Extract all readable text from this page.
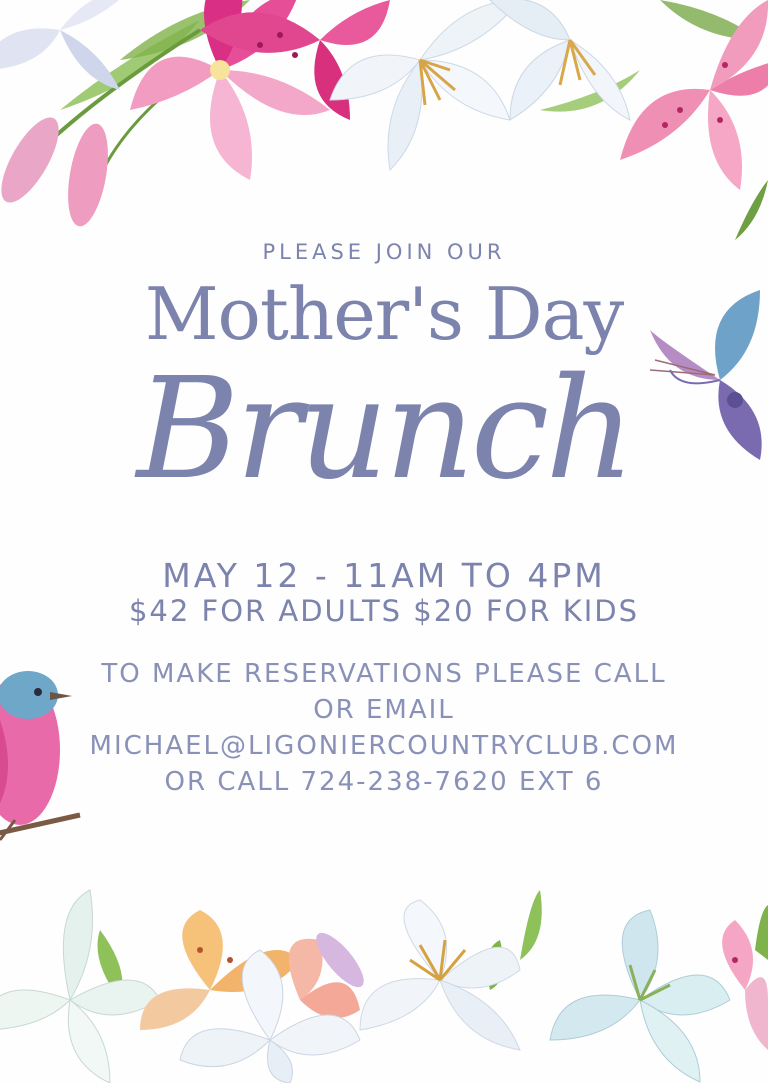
PLEASE JOIN OUR
Mother's Day
Brunch
MAY 12 - 11AM TO 4PM
$42 FOR ADULTS $20 FOR KIDS
TO MAKE RESERVATIONS PLEASE CALL
OR EMAIL
MICHAEL@LIGONIERCOUNTRYCLUB.COM
OR CALL 724-238-7620 EXT 6
